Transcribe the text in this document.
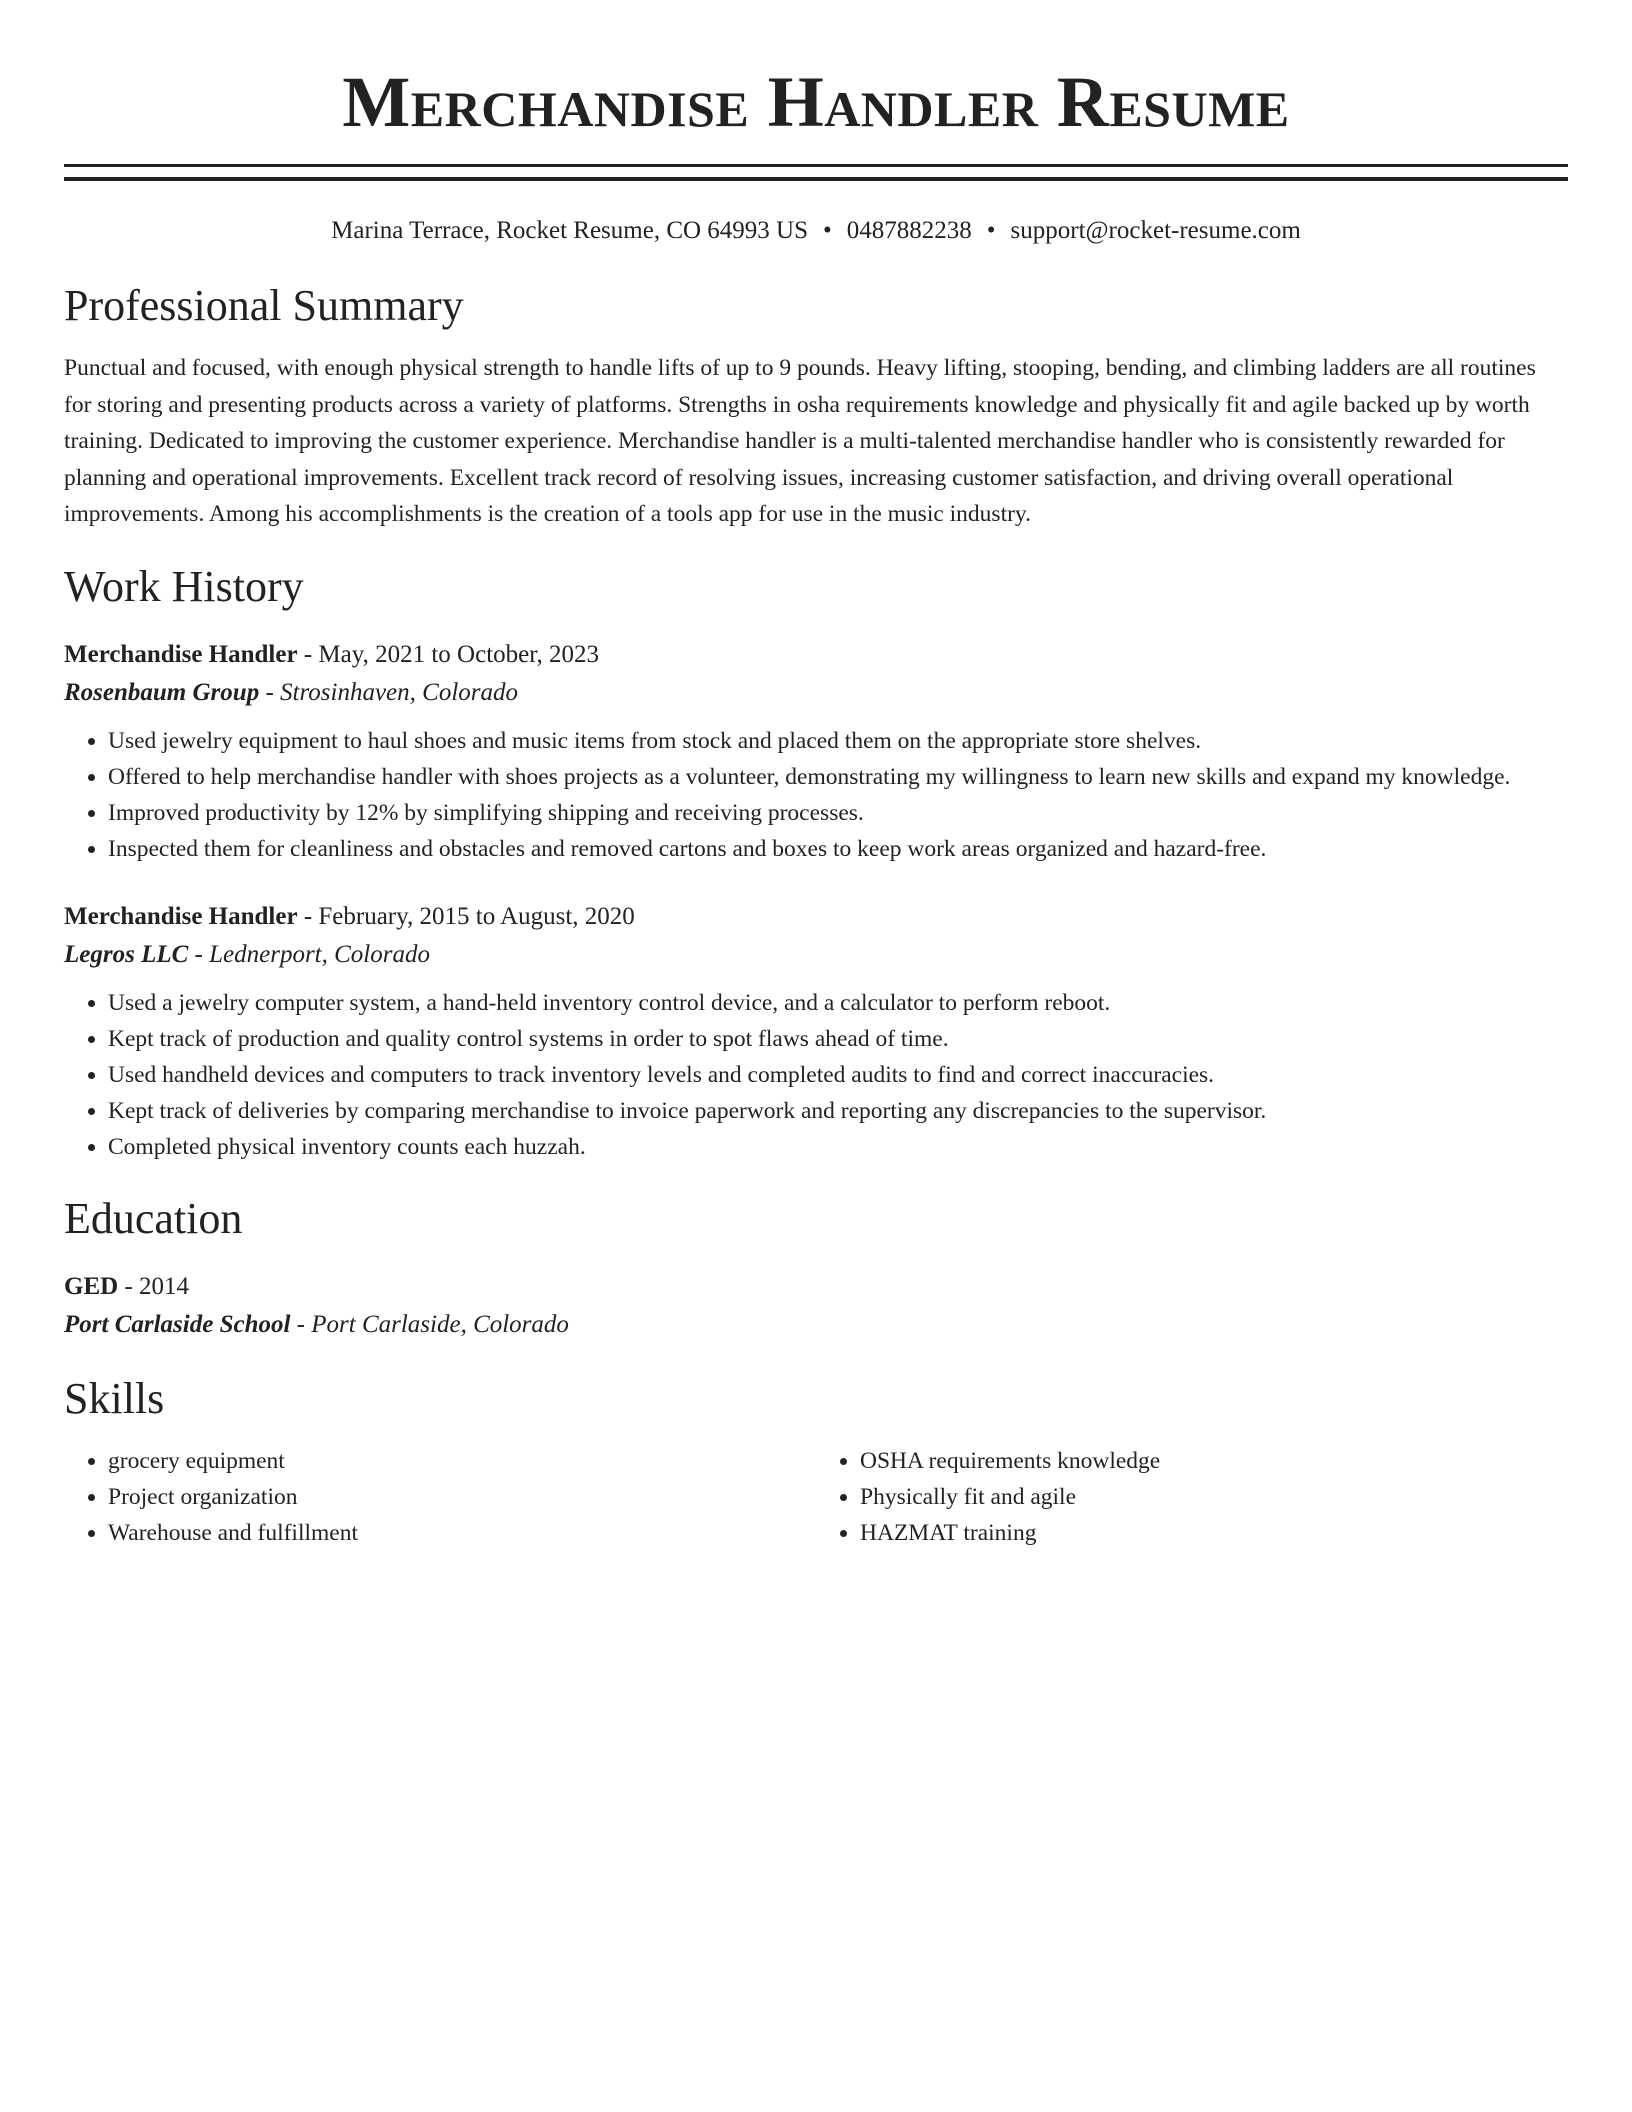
Merchandise Handler Resume
Marina Terrace, Rocket Resume, CO 64993 US • 0487882238 • support@rocket-resume.com
Professional Summary
Punctual and focused, with enough physical strength to handle lifts of up to 9 pounds. Heavy lifting, stooping, bending, and climbing ladders are all routines for storing and presenting products across a variety of platforms. Strengths in osha requirements knowledge and physically fit and agile backed up by worth training. Dedicated to improving the customer experience. Merchandise handler is a multi-talented merchandise handler who is consistently rewarded for planning and operational improvements. Excellent track record of resolving issues, increasing customer satisfaction, and driving overall operational improvements. Among his accomplishments is the creation of a tools app for use in the music industry.
Work History
Merchandise Handler - May, 2021 to October, 2023
Rosenbaum Group - Strosinhaven, Colorado
• Used jewelry equipment to haul shoes and music items from stock and placed them on the appropriate store shelves.
• Offered to help merchandise handler with shoes projects as a volunteer, demonstrating my willingness to learn new skills and expand my knowledge.
• Improved productivity by 12% by simplifying shipping and receiving processes.
• Inspected them for cleanliness and obstacles and removed cartons and boxes to keep work areas organized and hazard-free.
Merchandise Handler - February, 2015 to August, 2020
Legros LLC - Lednerport, Colorado
• Used a jewelry computer system, a hand-held inventory control device, and a calculator to perform reboot.
• Kept track of production and quality control systems in order to spot flaws ahead of time.
• Used handheld devices and computers to track inventory levels and completed audits to find and correct inaccuracies.
• Kept track of deliveries by comparing merchandise to invoice paperwork and reporting any discrepancies to the supervisor.
• Completed physical inventory counts each huzzah.
Education
GED - 2014
Port Carlaside School - Port Carlaside, Colorado
Skills
• grocery equipment
• Project organization
• Warehouse and fulfillment
• OSHA requirements knowledge
• Physically fit and agile
• HAZMAT training
